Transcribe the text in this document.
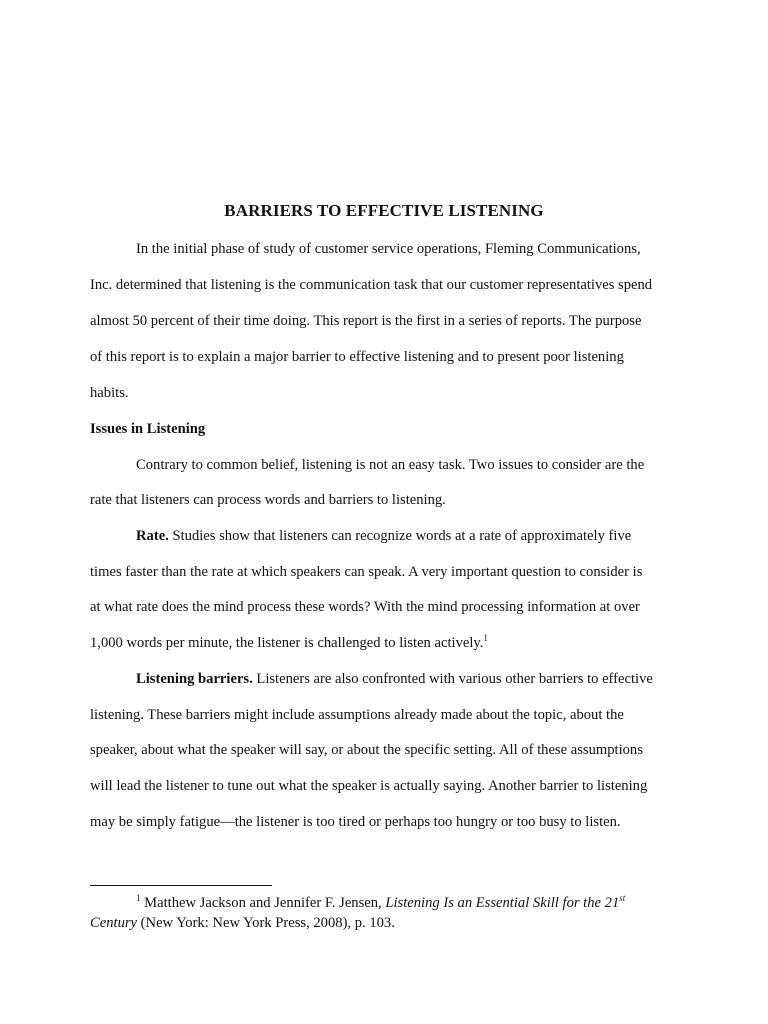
BARRIERS TO EFFECTIVE LISTENING
In the initial phase of study of customer service operations, Fleming Communications,
Inc. determined that listening is the communication task that our customer representatives spend
almost 50 percent of their time doing. This report is the first in a series of reports. The purpose
of this report is to explain a major barrier to effective listening and to present poor listening
habits.
Issues in Listening
Contrary to common belief, listening is not an easy task. Two issues to consider are the
rate that listeners can process words and barriers to listening.
Rate. Studies show that listeners can recognize words at a rate of approximately five
times faster than the rate at which speakers can speak. A very important question to consider is
at what rate does the mind process these words? With the mind processing information at over
1,000 words per minute, the listener is challenged to listen actively.$^1$
Listening barriers. Listeners are also confronted with various other barriers to effective
listening. These barriers might include assumptions already made about the topic, about the
speaker, about what the speaker will say, or about the specific setting. All of these assumptions
will lead the listener to tune out what the speaker is actually saying. Another barrier to listening
may be simply fatigue—the listener is too tired or perhaps too hungry or too busy to listen.
$^1$ Matthew Jackson and Jennifer F. Jensen, Listening Is an Essential Skill for the 21st
Century (New York: New York Press, 2008), p. 103.
